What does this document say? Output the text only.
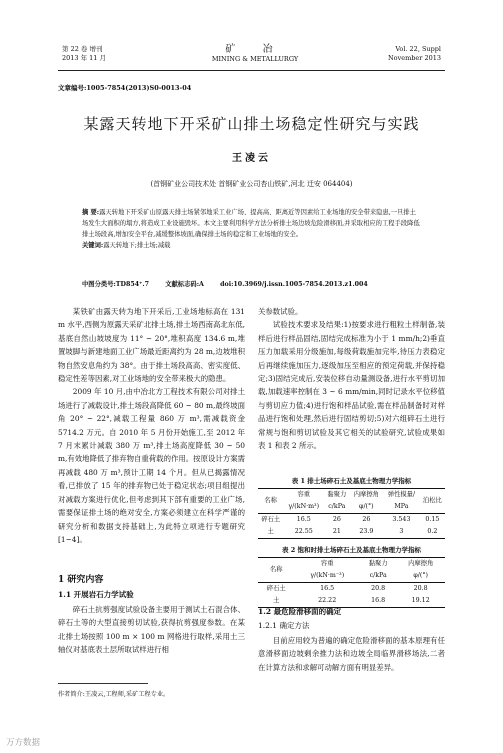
第 22 卷 增刊
2013 年 11 月
矿 冶
MINING & METALLURGY
Vol. 22, Suppl
November 2013
文章编号:1005-7854(2013)S0-0013-04
某露天转地下开采矿山排土场稳定性研究与实践
王凌云
(首钢矿业公司技术处 首钢矿业公司杏山铁矿,河北 迁安 064404)
摘 要:露天转地下开采矿山原露天排土场紧邻地采工业广场、提高高、距离近等因素给工业场地的安全带来隐患,一旦排土场发生大面积的塌方,将造成工业设施毁坏。本文主要利用科学方法分析排土场边坡危险滑移面,并采取相应的工程手段降低排土场段高,增加安全平台,减缓整体坡面,确保排土场的稳定和工业场地的安全。
关键词:露天转地下;排土场;减载
中图分类号:TD854⁺.7	文献标志码:A	doi:10.3969/j.issn.1005-7854.2013.z1.004

某铁矿由露天转为地下开采后,工业场地标高在 131 m 水平,西侧为原露天采矿北排土场,排土场西南高北东低,基底自然山坡坡度为 11° ~ 20°,堆积高度 134.6 m,堆置坡脚与新建地面工业广场最近距离约为 28 m,边坡堆积物自然安息角约为 38°。由于排土场段高高、密实度低、稳定性差等因素,对工业场地的安全带来极大的隐患。

2009 年 10 月,由中冶北方工程技术有限公司对排土场进行了减载设计,排土场段高降低 60 ~ 80 m,最终坡面角 20° ~ 22°,减载工程量 860 万 m³,需减载资金 5714.2 万元。自 2010 年 5 月份开始施工,至 2012 年 7 月末累计减载 380 万 m³,排土场高度降低 30 ~ 50 m,有效地降低了排弃物自重荷载的作用。按原设计方案需再减载 480 万 m³,预计工期 14 个月。但从已揭露情况看,已排放了 15 年的排弃物已处于稳定状态;项目组提出对减载方案进行优化,但考虑到其下部有重要的工业广场,需要保证排土场的绝对安全,方案必须建立在科学严谨的研究分析和数据支持基础上,为此特立项进行专题研究[1~4]。

1 研究内容
1.1 开展岩石力学试验

碎石土抗剪强度试验设备主要用于测试土石混合体、碎石土等的大型直接剪切试验,获得抗剪强度参数。在某北排土场按照 100 m × 100 m 网格进行取样,采用土三轴仪对基底表土层所取试样进行相

作者简介:王凌云,工程师,采矿工程专业。

关参数试验。

试验技术要求及结果:1)按要求进行粗粒土样制备,装样后进行样品固结,固结完成标准为小于 1 mm/h;2)垂直压力加载采用分级施加,每级荷载施加完毕,待压力表稳定后再继续施加压力,逐级加压至相应的预定荷载,并保持稳定;3)固结完成后,安装位移自动量测设备,进行水平剪切加载,加载速率控制在 3 ~ 6 mm/min,同时记录水平位移值与剪切应力值;4)进行饱和样品试验,需在样品制备时对样品进行饱和处理,然后进行固结剪切;5)对六组碎石土进行常规与饱和剪切试验及其它相关的试验研究,试验成果如表 1 和表 2 所示。

表 1 排土场碎石土及基底土物理力学指标
名称	容重	黏聚力	内摩擦角	弹性模量/	泊松比
	γ/(kN·m³)	c/kPa	φ/(°)	MPa	
碎石土	16.5	26	26	3.543	0.15
土	22.55	21	23.9	3	0.2
表 2 饱和时排土场碎石土及基底土物理力学指标
名称	容重	黏聚力	内摩擦角
	γ/(kN·m⁻³)	c/kPa	φ/(°)
碎石土	16.5	20.8	20.8
土	22.22	16.8	19.12
1.2 最危险滑移面的确定
1.2.1 确定方法

目前应用较为普遍的确定危险滑移面的基本原理有任意滑移面边坡剩余推力法和边坡全局临界滑移场法,二者在计算方法和求解可动解方面有明显差异。

万方数据
